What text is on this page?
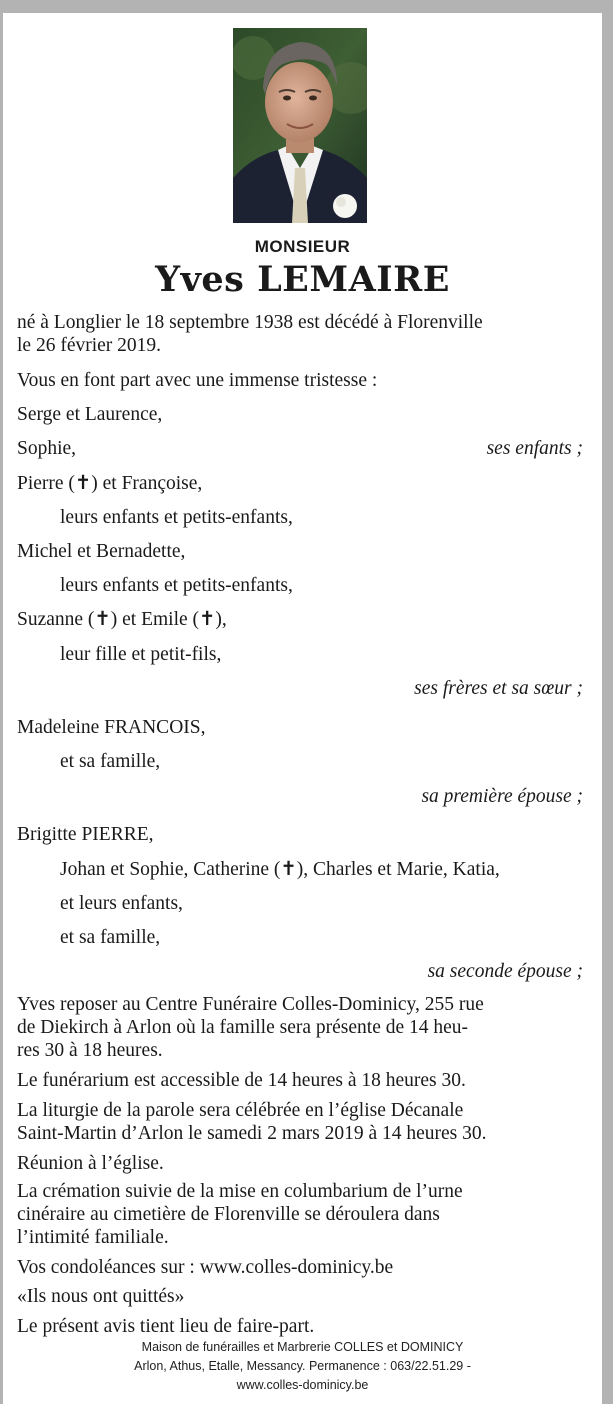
MONSIEUR
Yves LEMAIRE
né à Longlier le 18 septembre 1938 est décédé à Florenville
le 26 février 2019.
Vous en font part avec une immense tristesse :
Serge et Laurence,
Sophie,	ses enfants ;
Pierre (✝) et Françoise,
leurs enfants et petits-enfants,
Michel et Bernadette,
leurs enfants et petits-enfants,
Suzanne (✝) et Emile (✝),
leur fille et petit-fils,
ses frères et sa sœur ;
Madeleine FRANCOIS,
et sa famille,
sa première épouse ;
Brigitte PIERRE,
Johan et Sophie, Catherine (✝), Charles et Marie, Katia,
et leurs enfants,
et sa famille,
sa seconde épouse ;
Yves reposer au Centre Funéraire Colles-Dominicy, 255 rue
de Diekirch à Arlon où la famille sera présente de 14 heu-
res 30 à 18 heures.
Le funérarium est accessible de 14 heures à 18 heures 30.
La liturgie de la parole sera célébrée en l’église Décanale
Saint-Martin d’Arlon le samedi 2 mars 2019 à 14 heures 30.
Réunion à l’église.
La crémation suivie de la mise en columbarium de l’urne
cinéraire au cimetière de Florenville se déroulera dans
l’intimité familiale.
Vos condoléances sur : www.colles-dominicy.be
«Ils nous ont quittés»
Le présent avis tient lieu de faire-part.
Maison de funérailles et Marbrerie COLLES et DOMINICY
Arlon, Athus, Etalle, Messancy. Permanence : 063/22.51.29 -
www.colles-dominicy.be
